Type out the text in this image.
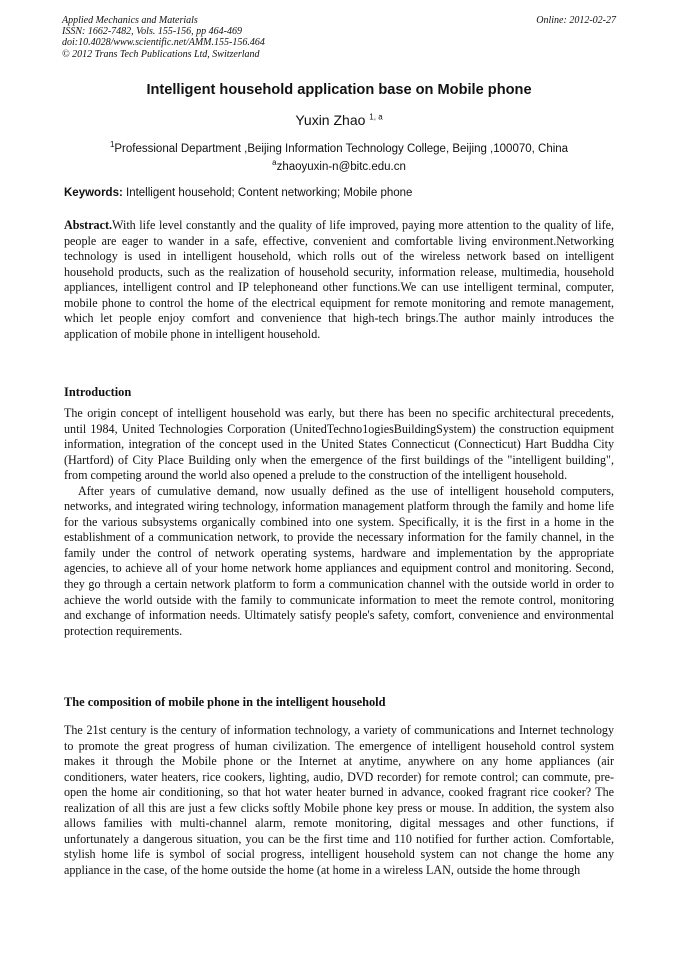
Applied Mechanics and Materials
ISSN: 1662-7482, Vols. 155-156, pp 464-469
doi:10.4028/www.scientific.net/AMM.155-156.464
© 2012 Trans Tech Publications Ltd, Switzerland
Online: 2012-02-27
Intelligent household application base on Mobile phone
Yuxin Zhao $^{1, a}$
$^1$Professional Department ,Beijing Information Technology College, Beijing ,100070, China
$^a$zhaoyuxin-n@bitc.edu.cn
Keywords: Intelligent household; Content networking; Mobile phone

Abstract.With life level constantly and the quality of life improved, paying more attention to the quality of life, people are eager to wander in a safe, effective, convenient and comfortable living environment.Networking technology is used in intelligent household, which rolls out of the wireless network based on intelligent household products, such as the realization of household security, information release, multimedia, household appliances, intelligent control and IP telephoneand other functions.We can use intelligent terminal, computer, mobile phone to control the home of the electrical equipment for remote monitoring and remote management, which let people enjoy comfort and convenience that high-tech brings.The author mainly introduces the application of mobile phone in intelligent household.

Introduction

The origin concept of intelligent household was early, but there has been no specific architectural precedents, until 1984, United Technologies Corporation (UnitedTechno1ogiesBuildingSystem) the construction equipment information, integration of the concept used in the United States Connecticut (Connecticut) Hart Buddha City (Hartford) of City Place Building only when the emergence of the first buildings of the "intelligent building", from competing around the world also opened a prelude to the construction of the intelligent household.

After years of cumulative demand, now usually defined as the use of intelligent household computers, networks, and integrated wiring technology, information management platform through the family and home life for the various subsystems organically combined into one system. Specifically, it is the first in a home in the establishment of a communication network, to provide the necessary information for the family channel, in the family under the control of network operating systems, hardware and implementation by the appropriate agencies, to achieve all of your home network home appliances and equipment control and monitoring. Second, they go through a certain network platform to form a communication channel with the outside world in order to achieve the world outside with the family to communicate information to meet the remote control, monitoring and exchange of information needs. Ultimately satisfy people's safety, comfort, convenience and environmental protection requirements.

The composition of mobile phone in the intelligent household

The 21st century is the century of information technology, a variety of communications and Internet technology to promote the great progress of human civilization. The emergence of intelligent household control system makes it through the Mobile phone or the Internet at anytime, anywhere on any home appliances (air conditioners, water heaters, rice cookers, lighting, audio, DVD recorder) for remote control; can commute, pre-open the home air conditioning, so that hot water heater burned in advance, cooked fragrant rice cooker? The realization of all this are just a few clicks softly Mobile phone key press or mouse. In addition, the system also allows families with multi-channel alarm, remote monitoring, digital messages and other functions, if unfortunately a dangerous situation, you can be the first time and 110 notified for further action. Comfortable, stylish home life is symbol of social progress, intelligent household system can not change the home any appliance in the case, of the home outside the home (at home in a wireless LAN, outside the home through
